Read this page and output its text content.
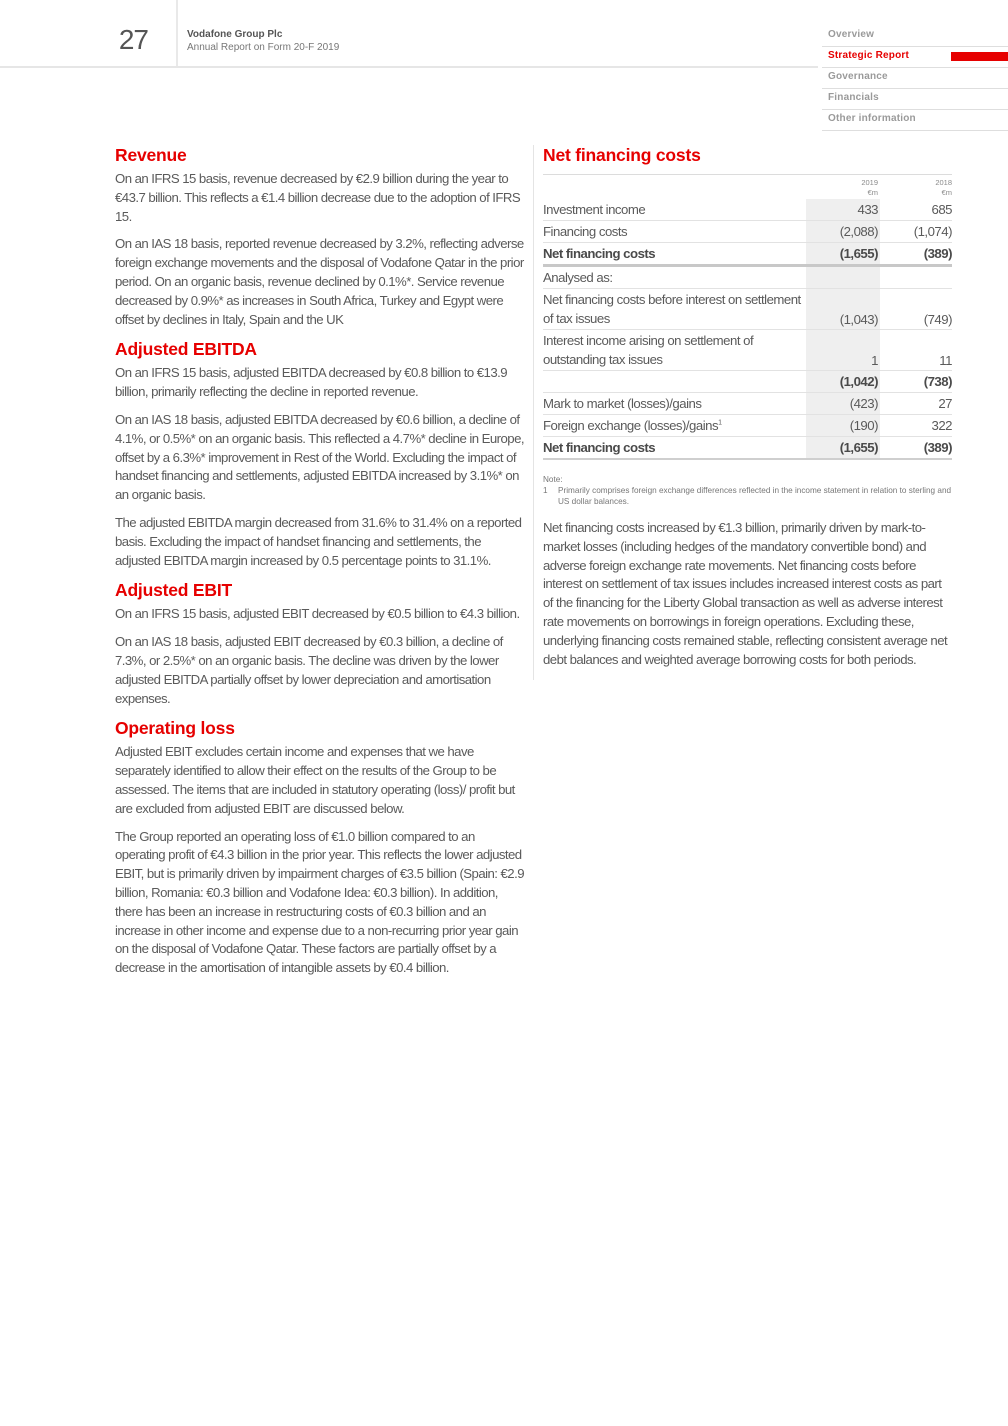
27	Vodafone Group Plc
Annual Report on Form 20-F 2019
Overview
Strategic Report
Governance
Financials
Other information
Revenue

On an IFRS 15 basis, revenue decreased by €2.9 billion during the year to €43.7 billion. This reflects a €1.4 billion decrease due to the adoption of IFRS 15.

On an IAS 18 basis, reported revenue decreased by 3.2%, reflecting adverse foreign exchange movements and the disposal of Vodafone Qatar in the prior period. On an organic basis, revenue declined by 0.1%*. Service revenue decreased by 0.9%* as increases in South Africa, Turkey and Egypt were offset by declines in Italy, Spain and the UK

Adjusted EBITDA

On an IFRS 15 basis, adjusted EBITDA decreased by €0.8 billion to €13.9 billion, primarily reflecting the decline in reported revenue.

On an IAS 18 basis, adjusted EBITDA decreased by €0.6 billion, a decline of 4.1%, or 0.5%* on an organic basis. This reflected a 4.7%* decline in Europe, offset by a 6.3%* improvement in Rest of the World. Excluding the impact of handset financing and settlements, adjusted EBITDA increased by 3.1%* on an organic basis.

The adjusted EBITDA margin decreased from 31.6% to 31.4% on a reported basis. Excluding the impact of handset financing and settlements, the adjusted EBITDA margin increased by 0.5 percentage points to 31.1%.

Adjusted EBIT

On an IFRS 15 basis, adjusted EBIT decreased by €0.5 billion to €4.3 billion.

On an IAS 18 basis, adjusted EBIT decreased by €0.3 billion, a decline of 7.3%, or 2.5%* on an organic basis. The decline was driven by the lower adjusted EBITDA partially offset by lower depreciation and amortisation expenses.

Operating loss

Adjusted EBIT excludes certain income and expenses that we have separately identified to allow their effect on the results of the Group to be assessed. The items that are included in statutory operating (loss)/ profit but are excluded from adjusted EBIT are discussed below.

The Group reported an operating loss of €1.0 billion compared to an operating profit of €4.3 billion in the prior year. This reflects the lower adjusted EBIT, but is primarily driven by impairment charges of €3.5 billion (Spain: €2.9 billion, Romania: €0.3 billion and Vodafone Idea: €0.3 billion). In addition, there has been an increase in restructuring costs of €0.3 billion and an increase in other income and expense due to a non-recurring prior year gain on the disposal of Vodafone Qatar. These factors are partially offset by a decrease in the amortisation of intangible assets by €0.4 billion.

Net financing costs
	2019
€m	2018
€m
Investment income	433	685
Financing costs	(2,088)	(1,074)
Net financing costs	(1,655)	(389)
Analysed as:		
Net financing costs before interest on settlement of tax issues	(1,043)	(749)
Interest income arising on settlement of outstanding tax issues	1	11
	(1,042)	(738)
Mark to market (losses)/gains	(423)	27
Foreign exchange (losses)/gains$^1$	(190)	322
Net financing costs	(1,655)	(389)
Note:
1	Primarily comprises foreign exchange differences reflected in the income statement in relation to sterling and US dollar balances.

Net financing costs increased by €1.3 billion, primarily driven by mark-to-market losses (including hedges of the mandatory convertible bond) and adverse foreign exchange rate movements. Net financing costs before interest on settlement of tax issues includes increased interest costs as part of the financing for the Liberty Global transaction as well as adverse interest rate movements on borrowings in foreign operations. Excluding these, underlying financing costs remained stable, reflecting consistent average net debt balances and weighted average borrowing costs for both periods.
